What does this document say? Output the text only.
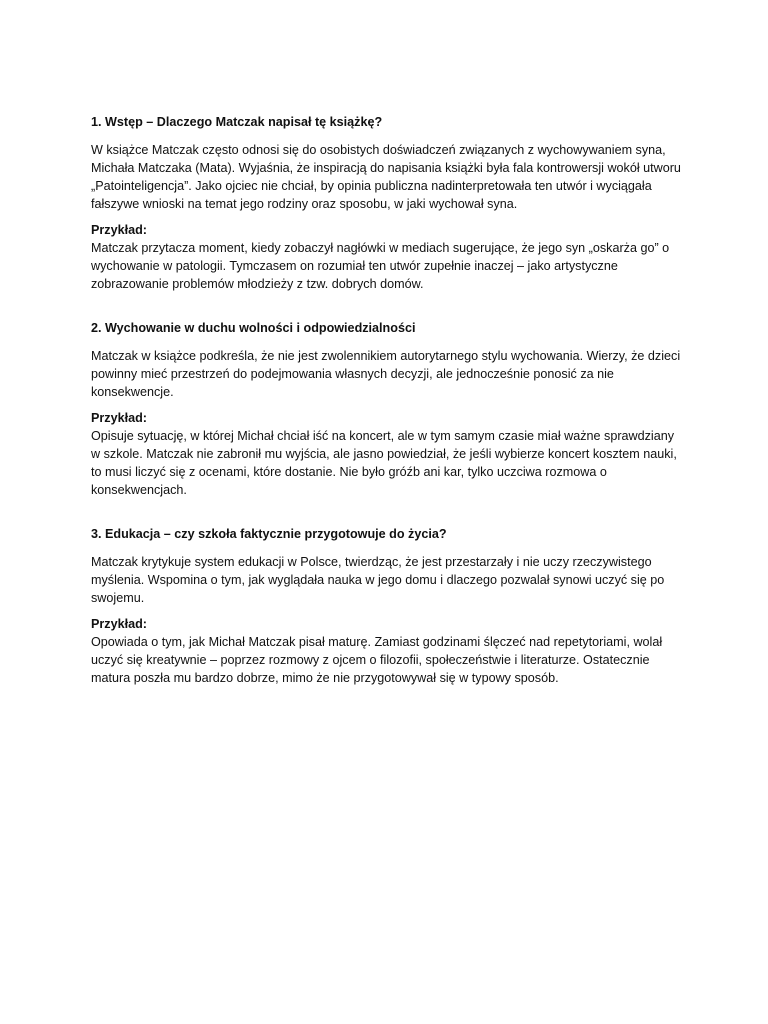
1. Wstęp – Dlaczego Matczak napisał tę książkę?

W książce Matczak często odnosi się do osobistych doświadczeń związanych z wychowywaniem syna, Michała Matczaka (Mata). Wyjaśnia, że inspiracją do napisania książki była fala kontrowersji wokół utworu „Patointeligencja”. Jako ojciec nie chciał, by opinia publiczna nadinterpretowała ten utwór i wyciągała fałszywe wnioski na temat jego rodziny oraz sposobu, w jaki wychował syna.

Przykład:

Matczak przytacza moment, kiedy zobaczył nagłówki w mediach sugerujące, że jego syn „oskarża go” o wychowanie w patologii. Tymczasem on rozumiał ten utwór zupełnie inaczej – jako artystyczne zobrazowanie problemów młodzieży z tzw. dobrych domów.

2. Wychowanie w duchu wolności i odpowiedzialności

Matczak w książce podkreśla, że nie jest zwolennikiem autorytarnego stylu wychowania. Wierzy, że dzieci powinny mieć przestrzeń do podejmowania własnych decyzji, ale jednocześnie ponosić za nie konsekwencje.

Przykład:

Opisuje sytuację, w której Michał chciał iść na koncert, ale w tym samym czasie miał ważne sprawdziany w szkole. Matczak nie zabronił mu wyjścia, ale jasno powiedział, że jeśli wybierze koncert kosztem nauki, to musi liczyć się z ocenami, które dostanie. Nie było gróźb ani kar, tylko uczciwa rozmowa o konsekwencjach.

3. Edukacja – czy szkoła faktycznie przygotowuje do życia?

Matczak krytykuje system edukacji w Polsce, twierdząc, że jest przestarzały i nie uczy rzeczywistego myślenia. Wspomina o tym, jak wyglądała nauka w jego domu i dlaczego pozwalał synowi uczyć się po swojemu.

Przykład:

Opowiada o tym, jak Michał Matczak pisał maturę. Zamiast godzinami ślęczeć nad repetytoriami, wolał uczyć się kreatywnie – poprzez rozmowy z ojcem o filozofii, społeczeństwie i literaturze. Ostatecznie matura poszła mu bardzo dobrze, mimo że nie przygotowywał się w typowy sposób.
